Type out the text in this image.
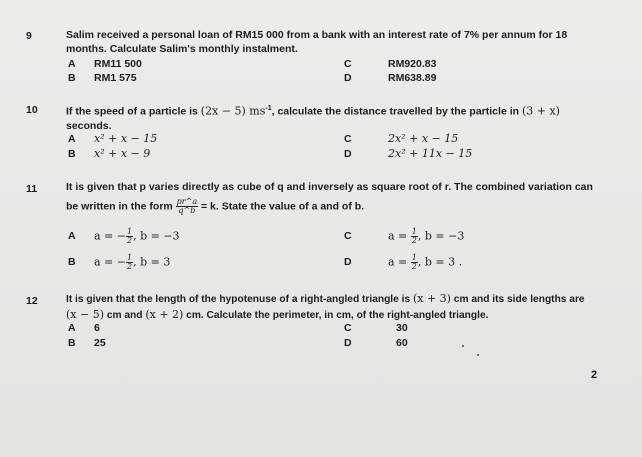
9	Salim received a personal loan of RM15 000 from a bank with an interest rate of 7% per annum for 18
months. Calculate Salim's monthly instalment.
A RM11 500
B RM1 575
C	RM920.83
D	RM638.89
10	If the speed of a particle is (2x − 5) $ms^{-1}$, calculate the distance travelled by the particle in (3 + x)
seconds.
A x² + x − 15
B x² + x − 9
C	2x² + x − 15
D	2x² + 11x − 15
11	It is given that p varies directly as cube of q and inversely as square root of r. The combined variation can
be written in the form $\frac{pr\^{}a}{q\^{}b} = k$. State the value of a and of b.
A a = − $\frac{1}{2}$ , b = −3
B a = − $\frac{1}{2}$ , b = 3
C	$a = \frac{1}{2}$ , b = −3
D	$a = \frac{1}{2}$ , b = 3 .
12	It is given that the length of the hypotenuse of a right-angled triangle is (x + 3) cm and its side lengths are
(x − 5) cm and (x + 2) cm. Calculate the perimeter, in cm, of the right-angled triangle.
A 6
B 25
C	30
D	60
2
